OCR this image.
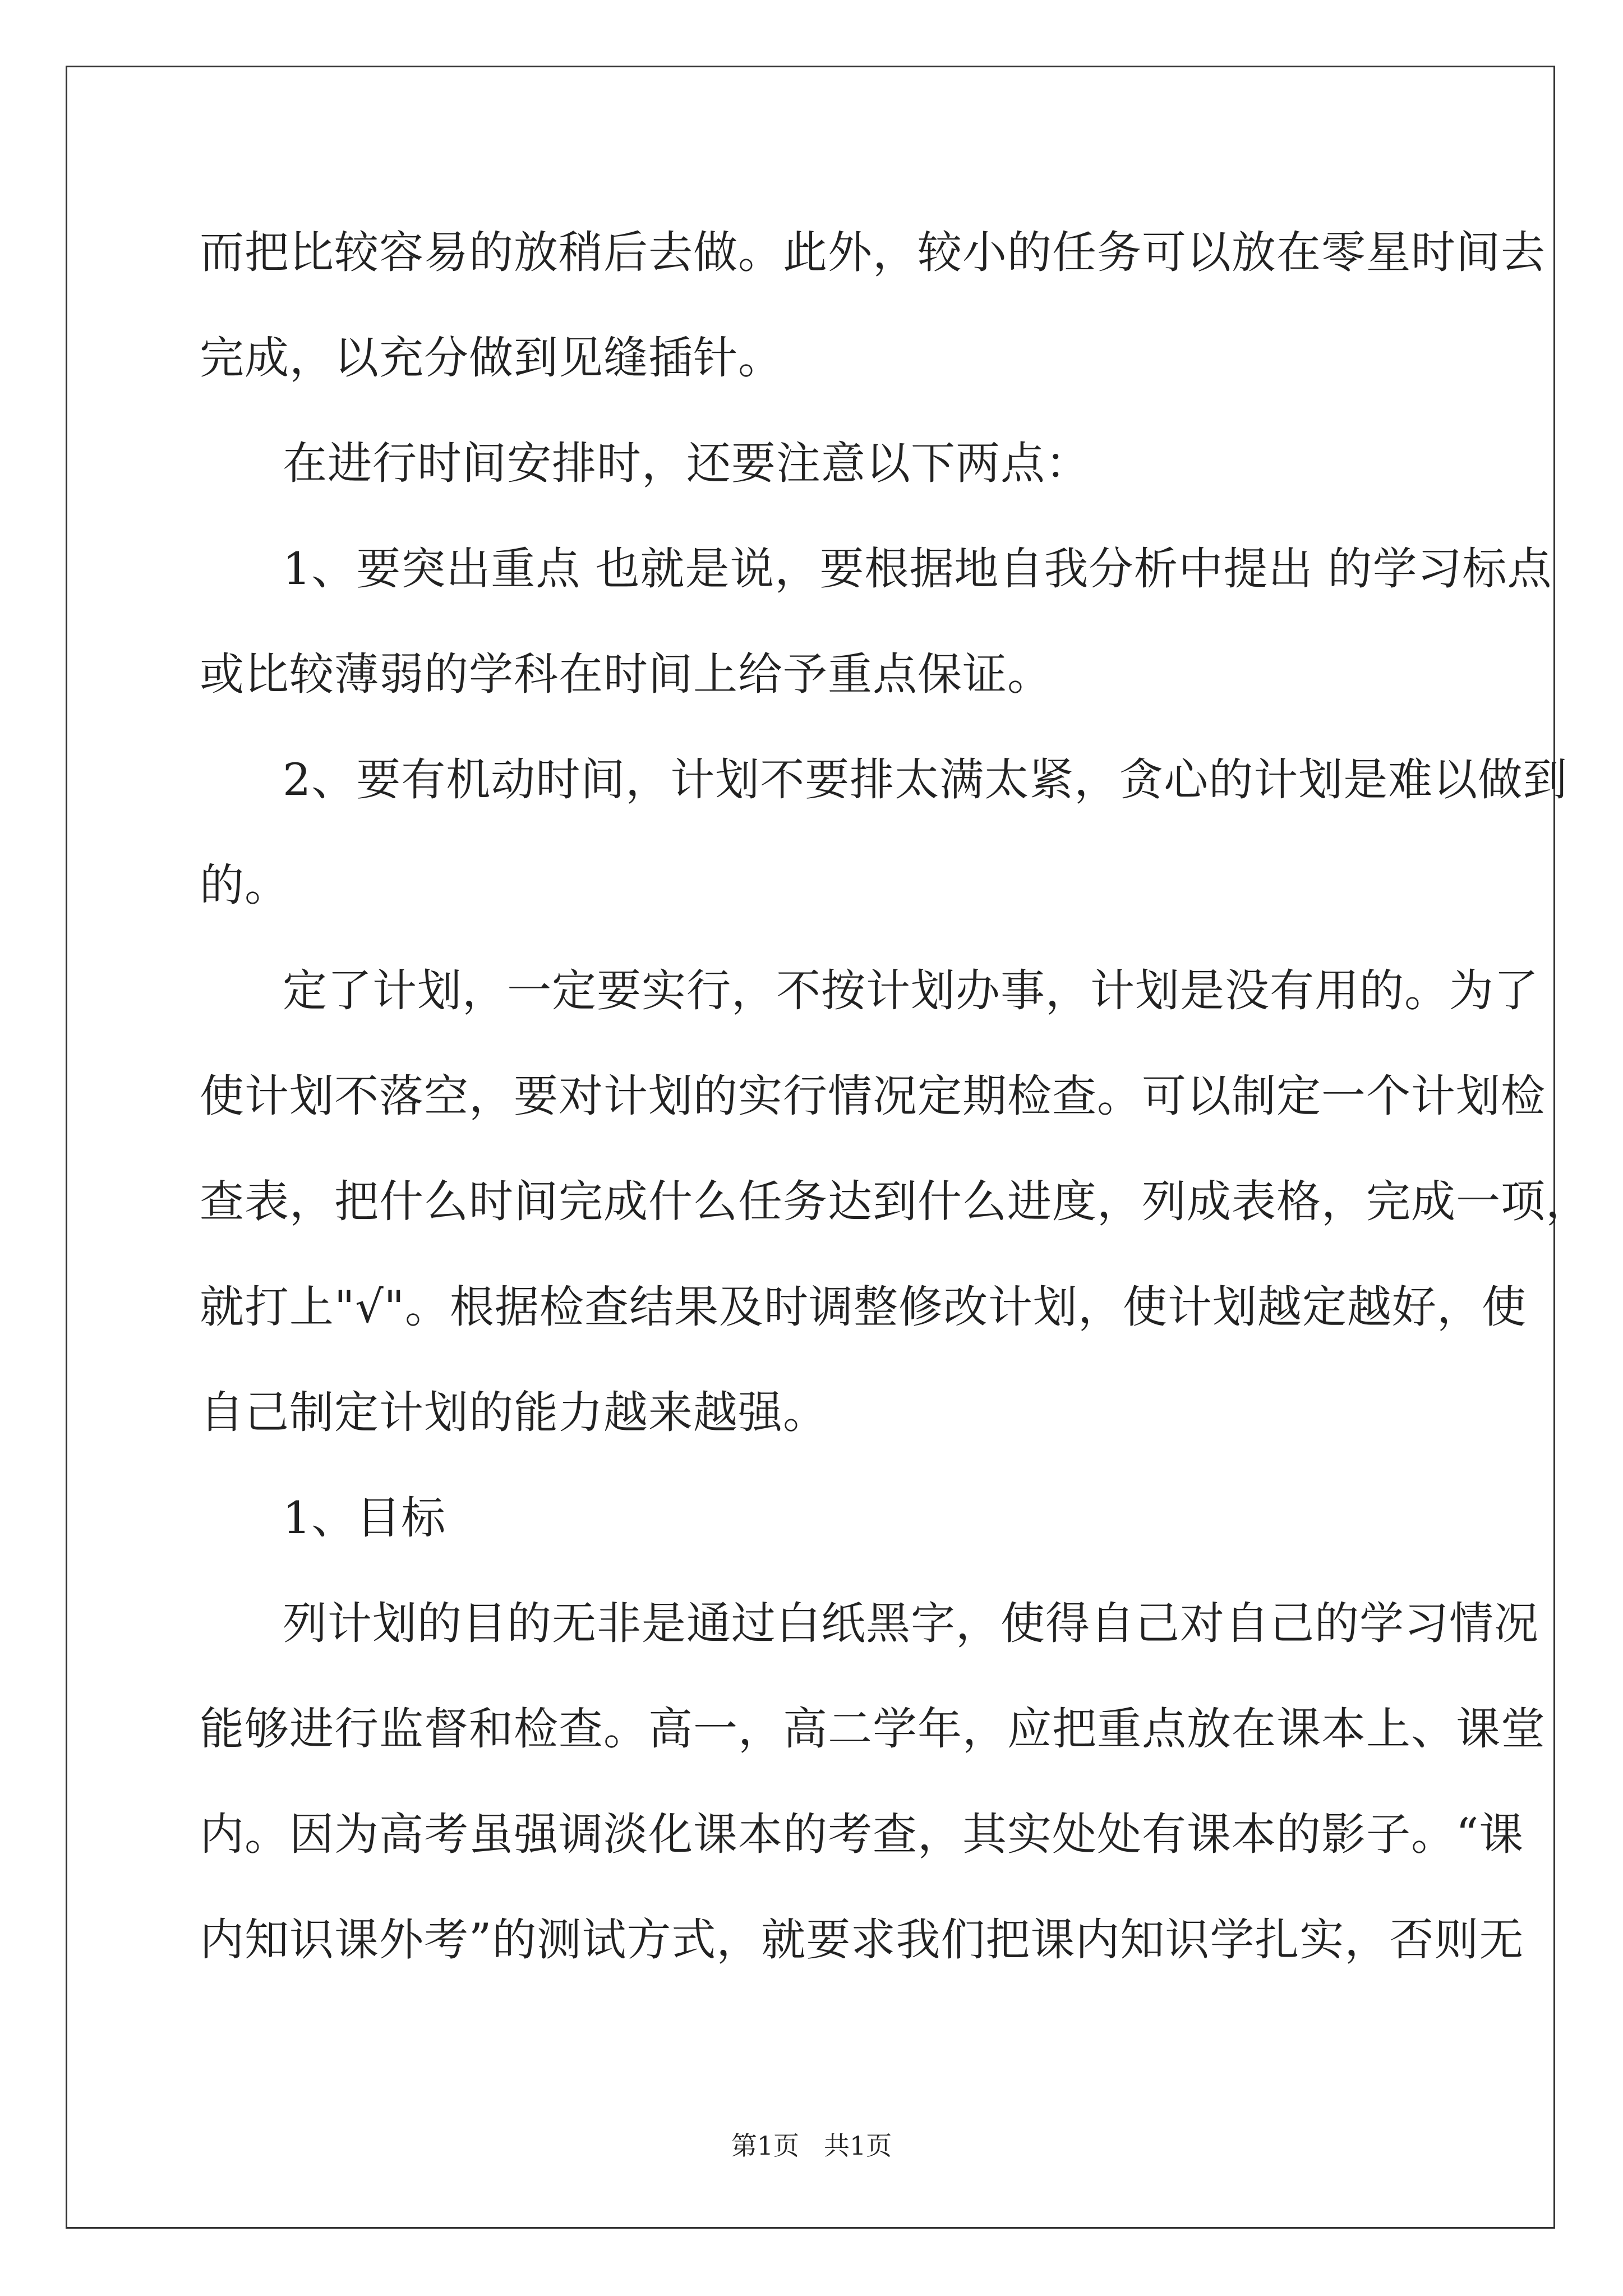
而把比较容易的放稍后去做。此外，较小的任务可以放在零星时间去
完成，以充分做到见缝插针。
在进行时间安排时，还要注意以下两点：
1、要突出重点 也就是说，要根据地自我分析中提出 的学习标点
或比较薄弱的学科在时间上给予重点保证。
2、要有机动时间，计划不要排太满太紧，贪心的计划是难以做到
的。
定了计划，一定要实行，不按计划办事，计划是没有用的。为了
使计划不落空，要对计划的实行情况定期检查。可以制定一个计划检
查表，把什么时间完成什么任务达到什么进度，列成表格，完成一项，
就打上"√"。根据检查结果及时调整修改计划，使计划越定越好，使
自己制定计划的能力越来越强。
1、目标
列计划的目的无非是通过白纸黑字，使得自己对自己的学习情况
能够进行监督和检查。高一，高二学年，应把重点放在课本上、课堂
内。因为高考虽强调淡化课本的考查，其实处处有课本的影子。“课
内知识课外考”的测试方式，就要求我们把课内知识学扎实，否则无
第1页 共1页
